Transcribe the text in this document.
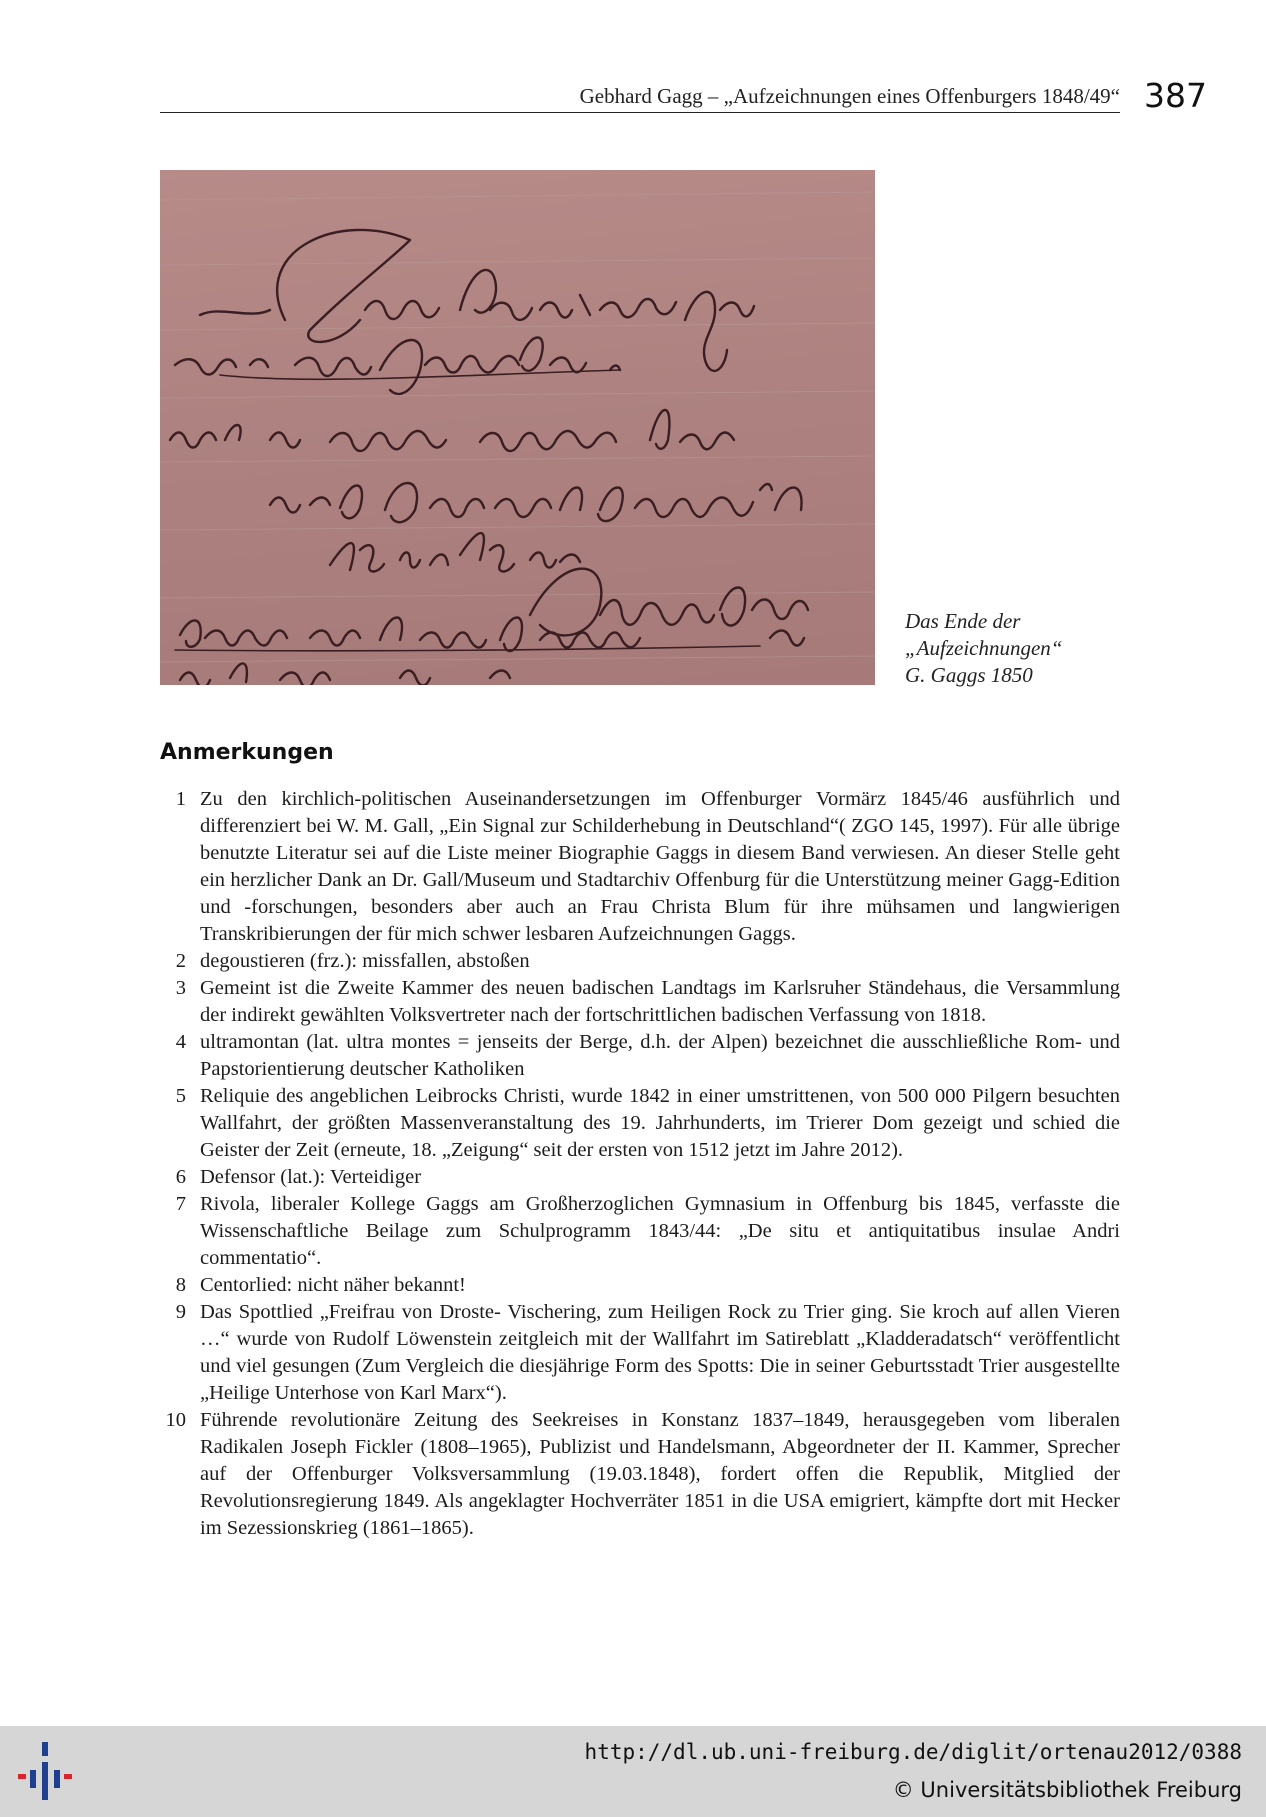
Gebhard Gagg – „Aufzeichnungen eines Offenburgers 1848/49“ 387
Das Ende der
„Aufzeichnungen“
G. Gaggs 1850
Anmerkungen
1 Zu den kirchlich-politischen Auseinandersetzungen im Offenburger Vormärz 1845/46 ausführlich und differenziert bei W. M. Gall, „Ein Signal zur Schilderhebung in Deutschland“( ZGO 145, 1997). Für alle übrige benutzte Literatur sei auf die Liste meiner Biographie Gaggs in diesem Band verwiesen. An dieser Stelle geht ein herzlicher Dank an Dr. Gall/Museum und Stadtarchiv Offenburg für die Unterstützung meiner Gagg-Edition und -forschungen, besonders aber auch an Frau Christa Blum für ihre mühsamen und langwierigen Transkribierungen der für mich schwer lesbaren Aufzeichnungen Gaggs.
2 degoustieren (frz.): missfallen, abstoßen
3 Gemeint ist die Zweite Kammer des neuen badischen Landtags im Karlsruher Ständehaus, die Versammlung der indirekt gewählten Volksvertreter nach der fortschrittlichen badischen Verfassung von 1818.
4 ultramontan (lat. ultra montes = jenseits der Berge, d.h. der Alpen) bezeichnet die ausschließliche Rom- und Papstorientierung deutscher Katholiken
5 Reliquie des angeblichen Leibrocks Christi, wurde 1842 in einer umstrittenen, von 500 000 Pilgern besuchten Wallfahrt, der größten Massenveranstaltung des 19. Jahrhunderts, im Trierer Dom gezeigt und schied die Geister der Zeit (erneute, 18. „Zeigung“ seit der ersten von 1512 jetzt im Jahre 2012).
6 Defensor (lat.): Verteidiger
7 Rivola, liberaler Kollege Gaggs am Großherzoglichen Gymnasium in Offenburg bis 1845, verfasste die Wissenschaftliche Beilage zum Schulprogramm 1843/44: „De situ et antiquitatibus insulae Andri commentatio“.
8 Centorlied: nicht näher bekannt!
9 Das Spottlied „Freifrau von Droste- Vischering, zum Heiligen Rock zu Trier ging. Sie kroch auf allen Vieren …“ wurde von Rudolf Löwenstein zeitgleich mit der Wallfahrt im Satireblatt „Kladderadatsch“ veröffentlicht und viel gesungen (Zum Vergleich die diesjährige Form des Spotts: Die in seiner Geburtsstadt Trier ausgestellte „Heilige Unterhose von Karl Marx“).
10 Führende revolutionäre Zeitung des Seekreises in Konstanz 1837–1849, herausgegeben vom liberalen Radikalen Joseph Fickler (1808–1965), Publizist und Handelsmann, Abgeordneter der II. Kammer, Sprecher auf der Offenburger Volksversammlung (19.03.1848), fordert offen die Republik, Mitglied der Revolutionsregierung 1849. Als angeklagter Hochverräter 1851 in die USA emigriert, kämpfte dort mit Hecker im Sezessionskrieg (1861–1865).
http://dl.ub.uni-freiburg.de/diglit/ortenau2012/0388
© Universitätsbibliothek Freiburg
